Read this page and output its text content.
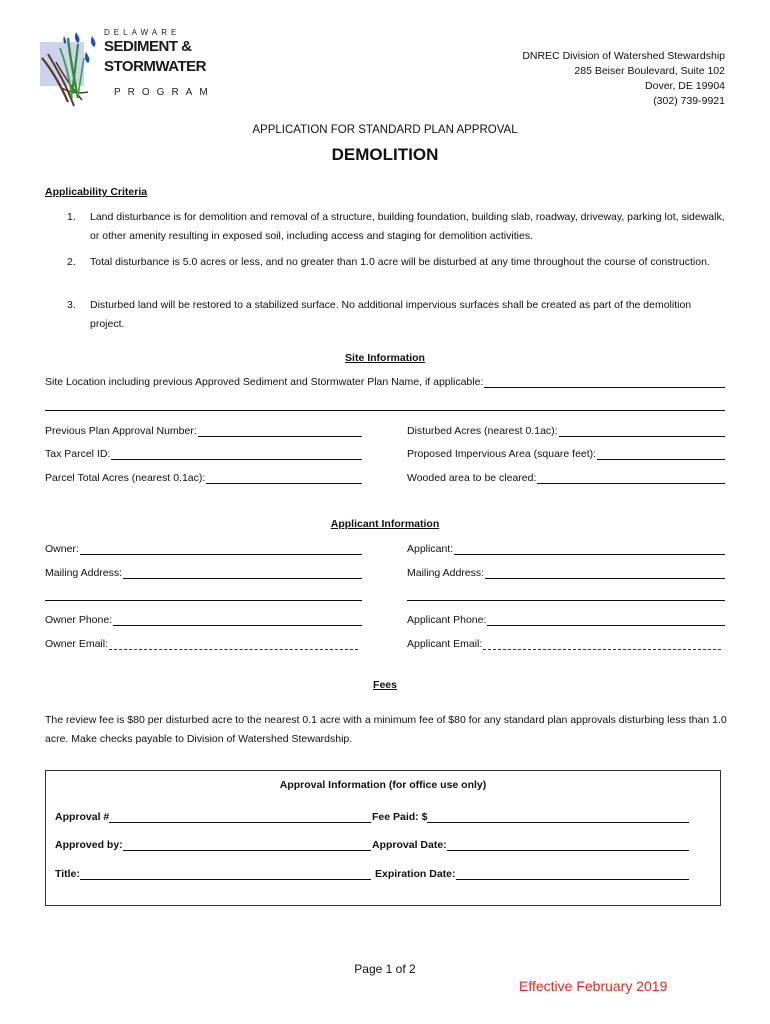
DELAWARE
SEDIMENT &
STORMWATER
PROGRAM
DNREC Division of Watershed Stewardship
285 Beiser Boulevard, Suite 102
Dover, DE 19904
(302) 739-9921
APPLICATION FOR STANDARD PLAN APPROVAL
DEMOLITION
Applicability Criteria
1.	Land disturbance is for demolition and removal of a structure, building foundation, building slab, roadway, driveway, parking lot, sidewalk, or other amenity resulting in exposed soil, including access and staging for demolition activities.
2.	Total disturbance is 5.0 acres or less, and no greater than 1.0 acre will be disturbed at any time throughout the course of construction.
3.	Disturbed land will be restored to a stabilized surface. No additional impervious surfaces shall be created as part of the demolition project.
Site Information
Site Location including previous Approved Sediment and Stormwater Plan Name, if applicable:
Previous Plan Approval Number:	Disturbed Acres (nearest 0.1ac):
Tax Parcel ID:	Proposed Impervious Area (square feet):
Parcel Total Acres (nearest 0.1ac):	Wooded area to be cleared:
Applicant Information
Owner:	Applicant:
Mailing Address:	Mailing Address:
Owner Phone:	Applicant Phone:
Owner Email:	Applicant Email:
Fees
The review fee is $80 per disturbed acre to the nearest 0.1 acre with a minimum fee of $80 for any standard plan approvals disturbing less than 1.0 acre. Make checks payable to Division of Watershed Stewardship.
Approval Information (for office use only)
Approval #	Fee Paid: $
Approved by:	Approval Date:
Title:	Expiration Date:
Page 1 of 2
Effective February 2019
